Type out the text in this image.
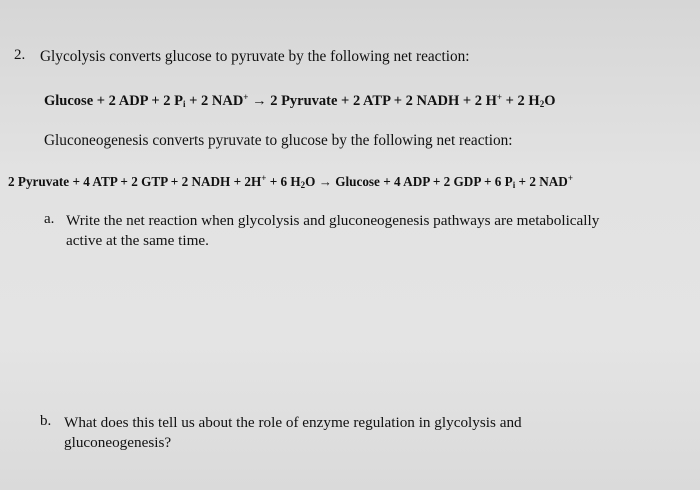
2. Glycolysis converts glucose to pyruvate by the following net reaction:
Glucose + 2 ADP + 2 $P_i + 2$ NAD+ → 2 Pyruvate + 2 ATP + 2 NADH + 2 H+ + 2 $H_2O$
Gluconeogenesis converts pyruvate to glucose by the following net reaction:
2 Pyruvate + 4 ATP + 2 GTP + 2 NADH + 2H+ + 6 $H_2O \to Glucose + 4$ ADP + 2 GDP + 6 $P_i + 2$ NAD+
a. Write the net reaction when glycolysis and gluconeogenesis pathways are metabolically
active at the same time.
b. What does this tell us about the role of enzyme regulation in glycolysis and
gluconeogenesis?
